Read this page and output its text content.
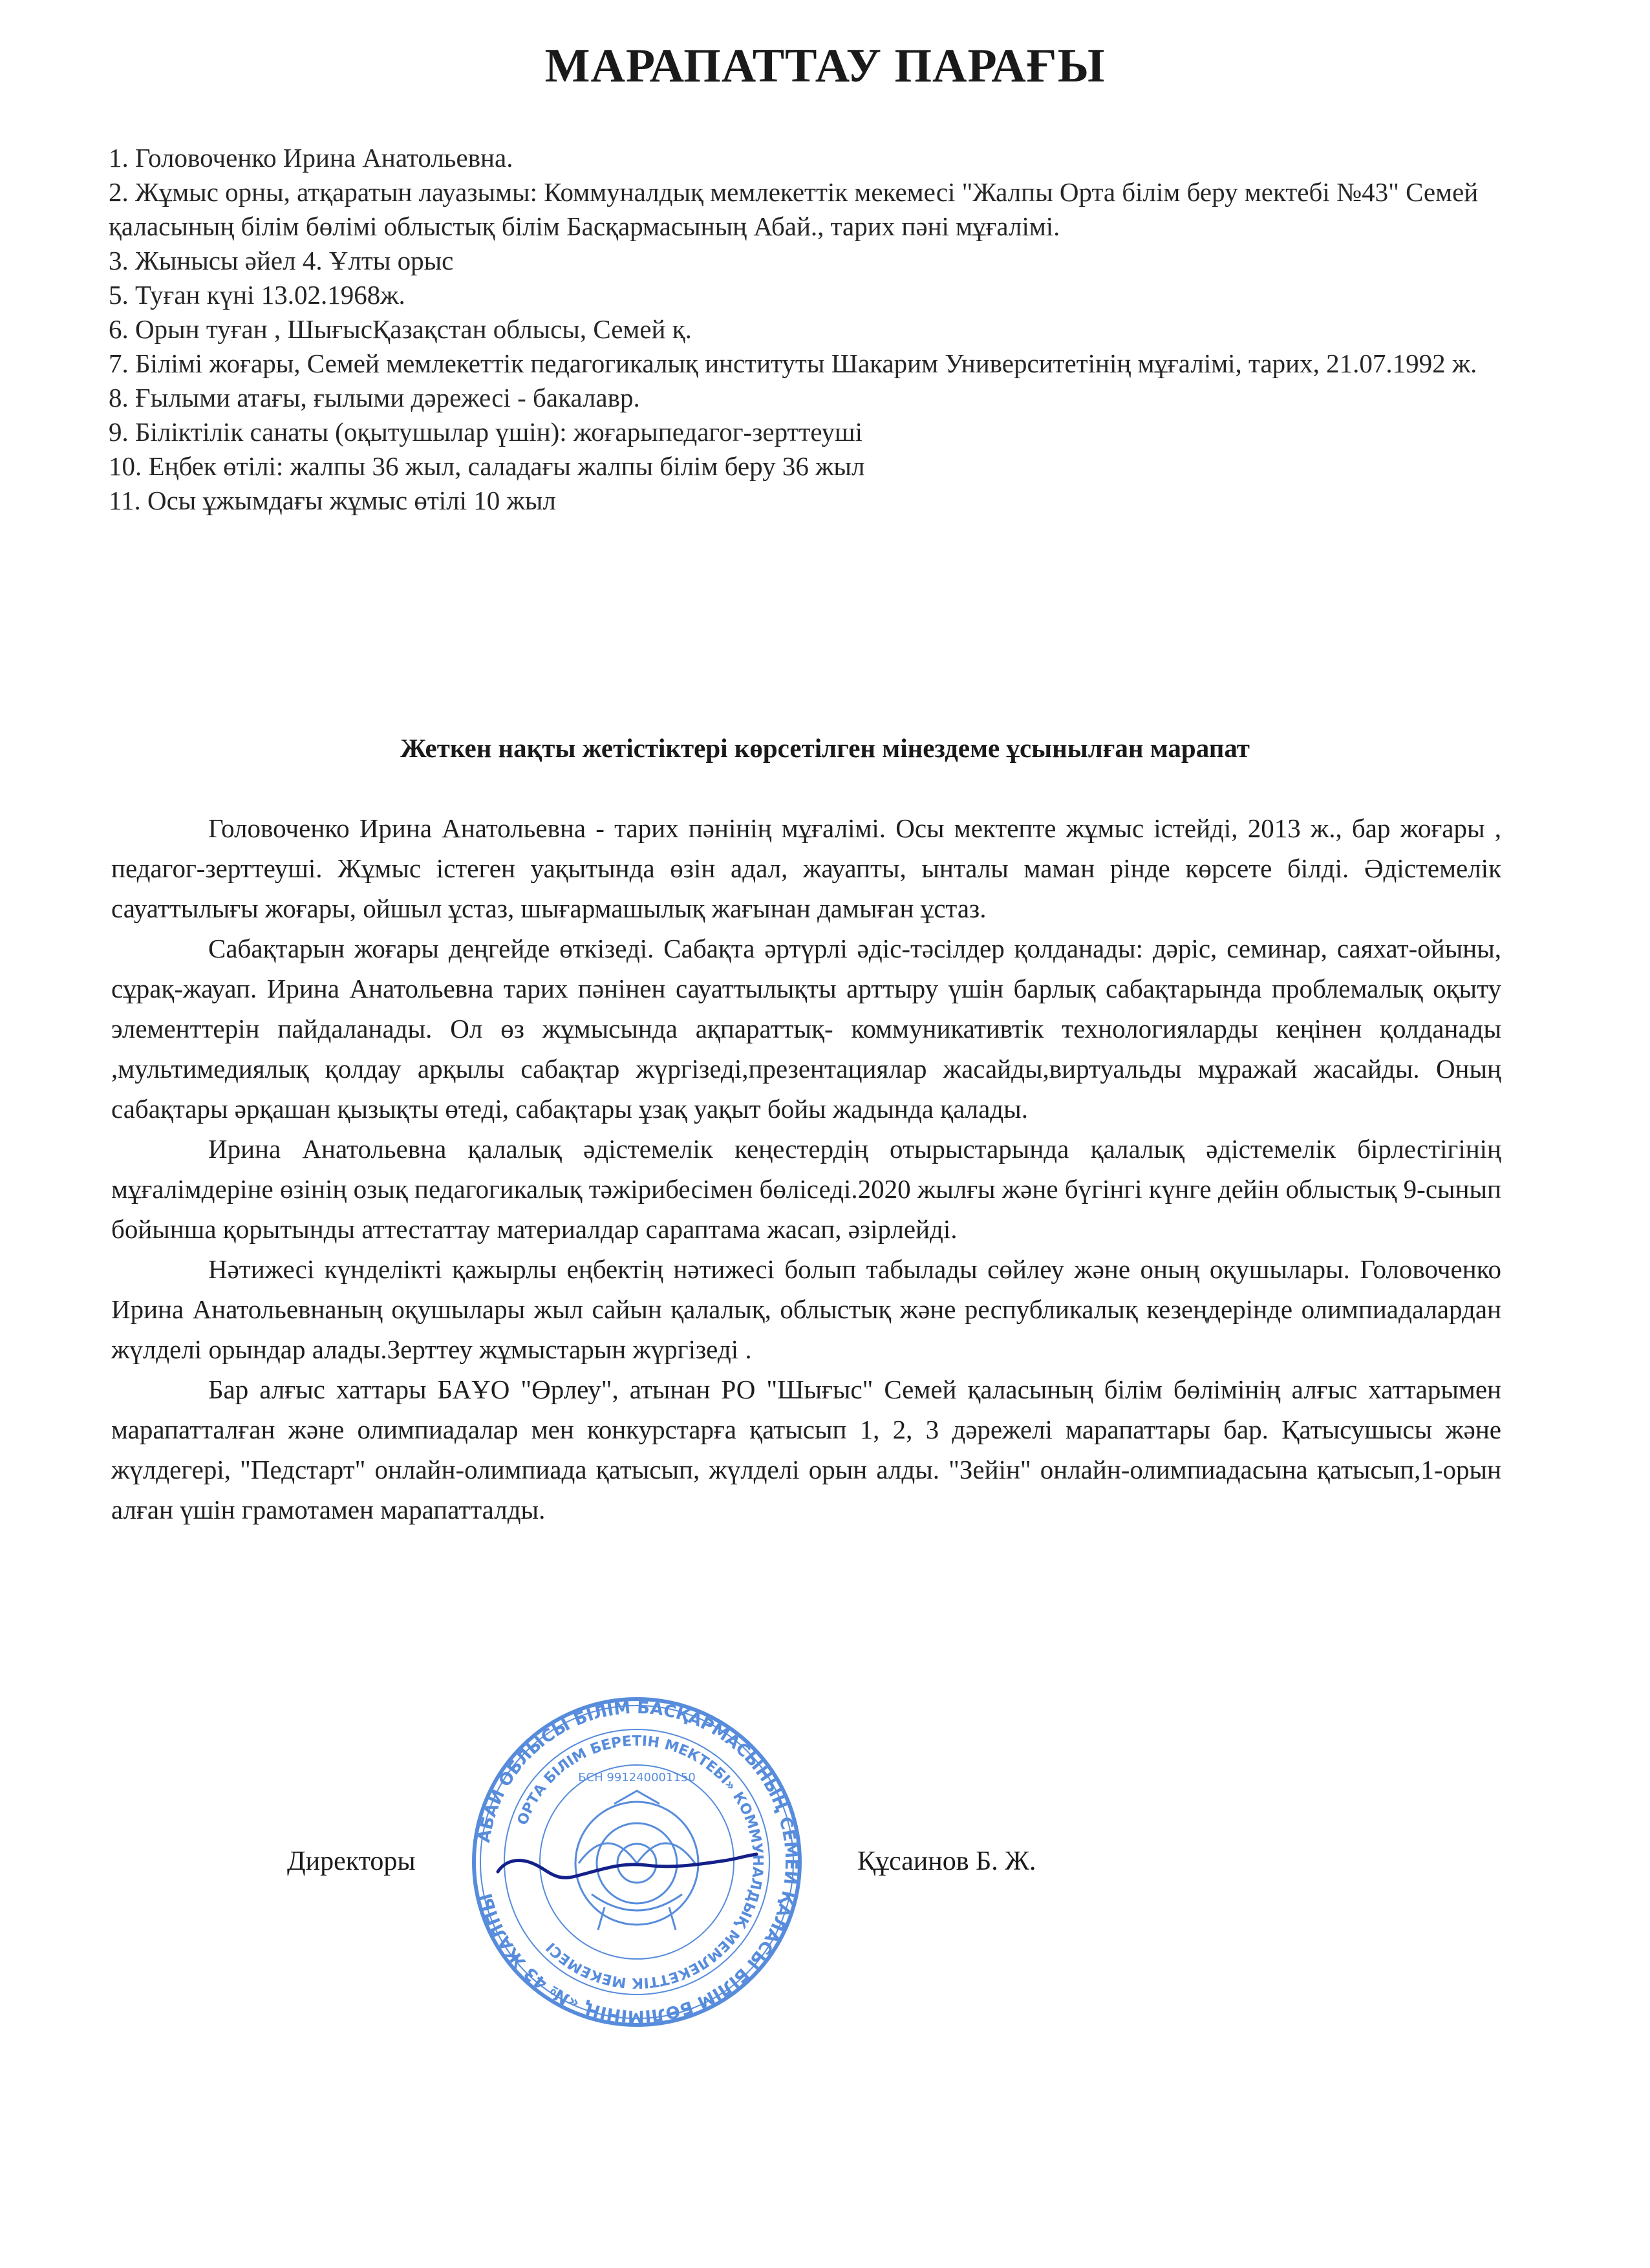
МАРАПАТТАУ ПАРАҒЫ

1. Головоченко Ирина Анатольевна.

2. Жұмыс орны, атқаратын лауазымы: Коммуналдық мемлекеттік мекемесі "Жалпы Орта білім беру мектебі №43" Семей қаласының білім бөлімі облыстық білім Басқармасының Абай., тарих пәні мұғалімі.

3. Жынысы әйел 4. Ұлты орыс

5. Туған күні 13.02.1968ж.

6. Орын туған , ШығысҚазақстан облысы, Семей қ.

7. Білімі жоғары, Семей мемлекеттік педагогикалық институты Шакарим Университетінің мұғалімі, тарих, 21.07.1992 ж.

8. Ғылыми атағы, ғылыми дәрежесі - бакалавр.

9. Біліктілік санаты (оқытушылар үшін): жоғарыпедагог-зерттеуші

10. Еңбек өтілі: жалпы 36 жыл, саладағы жалпы білім беру 36 жыл

11. Осы ұжымдағы жұмыс өтілі 10 жыл

Жеткен нақты жетістіктері көрсетілген мінездеме ұсынылған марапат

Головоченко Ирина Анатольевна - тарих пәнінің мұғалімі. Осы мектепте жұмыс істейді, 2013 ж., бар жоғары , педагог-зерттеуші. Жұмыс істеген уақытында өзін адал, жауапты, ынталы маман рінде көрсете білді. Әдістемелік сауаттылығы жоғары, ойшыл ұстаз, шығармашылық жағынан дамыған ұстаз.

Сабақтарын жоғары деңгейде өткізеді. Сабақта әртүрлі әдіс-тәсілдер қолданады: дәріс, семинар, саяхат-ойыны, сұрақ-жауап. Ирина Анатольевна тарих пәнінен сауаттылықты арттыру үшін барлық сабақтарында проблемалық оқыту элементтерін пайдаланады. Ол өз жұмысында ақпараттық- коммуникативтік технологияларды кеңінен қолданады ,мультимедиялық қолдау арқылы сабақтар жүргізеді,презентациялар жасайды,виртуальды мұражай жасайды. Оның сабақтары әрқашан қызықты өтеді, сабақтары ұзақ уақыт бойы жадында қалады.

Ирина Анатольевна қалалық әдістемелік кеңестердің отырыстарында қалалық әдістемелік бірлестігінің мұғалімдеріне өзінің озық педагогикалық тәжірибесімен бөліседі.2020 жылғы және бүгінгі күнге дейін облыстық 9-сынып бойынша қорытынды аттестаттау материалдар сараптама жасап, әзірлейді.

Нәтижесі күнделікті қажырлы еңбектің нәтижесі болып табылады сөйлеу және оның оқушылары. Головоченко Ирина Анатольевнаның оқушылары жыл сайын қалалық, облыстық және республикалық кезеңдерінде олимпиадалардан жүлделі орындар алады.Зерттеу жұмыстарын жүргізеді .

Бар алғыс хаттары БАҰО "Өрлеу", атынан РО "Шығыс" Семей қаласының білім бөлімінің алғыс хаттарымен марапатталған және олимпиадалар мен конкурстарға қатысып 1, 2, 3 дәрежелі марапаттары бар. Қатысушысы және жүлдегері, "Педстарт" онлайн-олимпиада қатысып, жүлделі орын алды. "Зейін" онлайн-олимпиадасына қатысып,1-орын алған үшін грамотамен марапатталды.

Директоры	Құсаинов Б. Ж.
АБАЙ ОБЛЫСЫ БІЛІМ БАСҚАРМАСЫНЫҢ СЕМЕЙ ҚАЛАСЫ БІЛІМ БӨЛІМІНІҢ «№ 43 ЖАЛПЫ
ОРТА БІЛІМ БЕРЕТІН МЕКТЕБІ» КОММУНАЛДЫҚ МЕМЛЕКЕТТІК МЕКЕМЕСІ
БСН 991240001150
